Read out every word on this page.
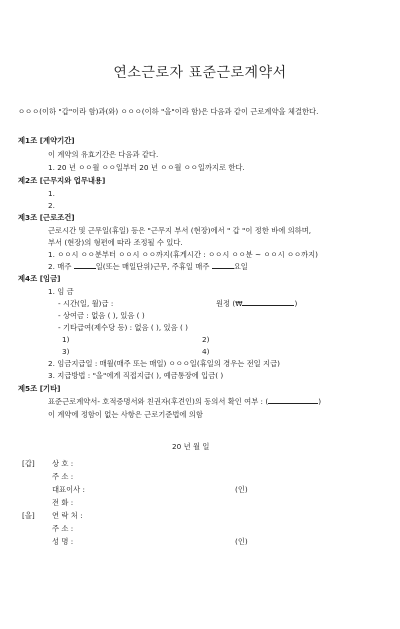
연소근로자 표준근로계약서
ㅇㅇㅇ(이하 "갑"이라 함)과(와) ㅇㅇㅇ(이하 "을"이라 함)은 다음과 같이 근로계약을 체결한다.
제1조 [계약기간]
이 계약의 유효기간은 다음과 같다.
1. 20 년 ㅇㅇ월 ㅇㅇ일부터 20 년 ㅇㅇ월 ㅇㅇ일까지로 한다.
제2조 [근무지와 업무내용]
1.
2.
제3조 [근로조건]
근로시간 및 근무일(휴일) 등은 "근무지 부서 (현장)에서 " 갑 "이 정한 바에 의하며,
부서 (현장)의 형편에 따라 조정될 수 있다.
1. ㅇㅇ시 ㅇㅇ분부터 ㅇㅇ시 ㅇㅇ까지(휴게시간 : ㅇㅇ시 ㅇㅇ분 ~ ㅇㅇ시 ㅇㅇ까지)
2. 매주	일(또는 매일단위)근무, 주휴일 매주	요일
제4조 [임금]
1. 임 금
- 시간(일, 월)급 :	원정 (₩	)
- 상여금 : 없음 ( ), 있음 ( )
- 기타급여(제수당 등) : 없음 ( ), 있음 ( )
1)	2)
3)	4)
2. 임금지급일 : 매월(매주 또는 매일) ㅇㅇㅇ일(휴일의 경우는 전일 지급)
3. 지급방법 : "을"에게 직접지급( ), 예금통장에 입금( )
제5조 [기타]
표준근로계약서- 호적증명서와 친권자(후견인)의 동의서 확인 여부 : (	)
이 계약에 정함이 없는 사항은 근로기준법에 의함
20 년 월 일
[갑] 상 호 :
주 소 :
대표이사 :	(인)
전 화 :
[을] 연 락 처 :
주 소 :
성 명 :	(인)
